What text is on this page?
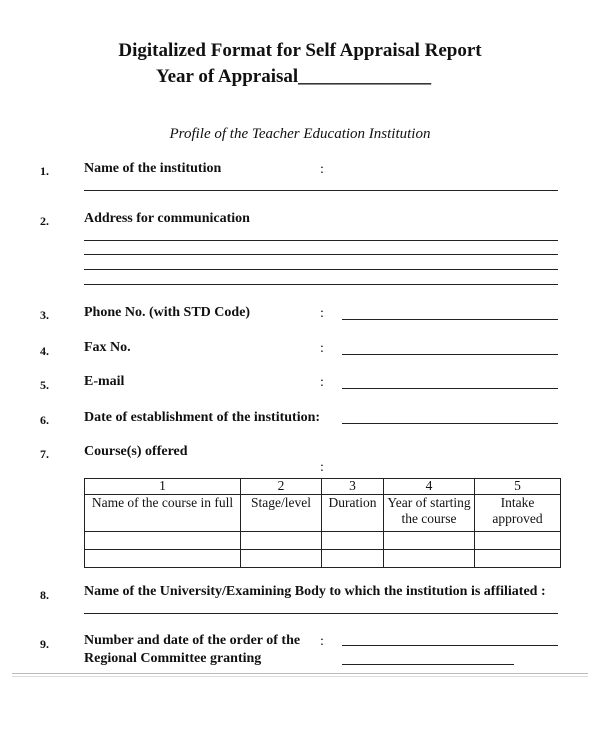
Digitalized Format for Self Appraisal Report
Year of Appraisal______________
Profile of the Teacher Education Institution
1.	Name of the institution	:
2.	Address for communication
3.	Phone No. (with STD Code)	:
4.	Fax No.	:
5.	E-mail	:
6.	Date of establishment of the institution:
7.	Course(s) offered
:
1	2	3	4	5
Name of the course in full	Stage/level	Duration	Year of starting the course	Intake approved

8.	Name of the University/Examining Body to which the institution is affiliated :
9.	Number and date of the order of the
Regional Committee granting
:
